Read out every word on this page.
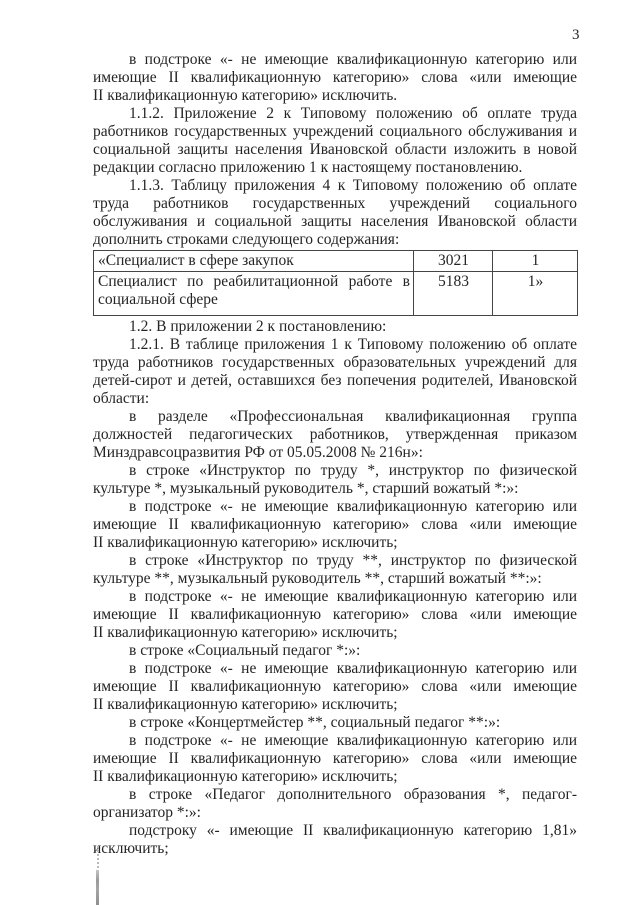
3
в подстроке «- не имеющие квалификационную категорию или
имеющие II квалификационную категорию» слова «или имеющие
II квалификационную категорию» исключить.
1.1.2. Приложение 2 к Типовому положению об оплате труда
работников государственных учреждений социального обслуживания и
социальной защиты населения Ивановской области изложить в новой
редакции согласно приложению 1 к настоящему постановлению.
1.1.3. Таблицу приложения 4 к Типовому положению об оплате
труда работников государственных учреждений социального
обслуживания и социальной защиты населения Ивановской области
дополнить строками следующего содержания:
«Специалист в сфере закупок	3021	1
Специалист по реабилитационной работе в социальной сфере	5183	1»
1.2. В приложении 2 к постановлению:
1.2.1. В таблице приложения 1 к Типовому положению об оплате
труда работников государственных образовательных учреждений для
детей-сирот и детей, оставшихся без попечения родителей, Ивановской
области:
в разделе «Профессиональная квалификационная группа
должностей педагогических работников, утвержденная приказом
Минздравсоцразвития РФ от 05.05.2008 № 216н»:
в строке «Инструктор по труду *, инструктор по физической
культуре *, музыкальный руководитель *, старший вожатый *:»:
в подстроке «- не имеющие квалификационную категорию или
имеющие II квалификационную категорию» слова «или имеющие
II квалификационную категорию» исключить;
в строке «Инструктор по труду **, инструктор по физической
культуре **, музыкальный руководитель **, старший вожатый **:»:
в подстроке «- не имеющие квалификационную категорию или
имеющие II квалификационную категорию» слова «или имеющие
II квалификационную категорию» исключить;
в строке «Социальный педагог *:»:
в подстроке «- не имеющие квалификационную категорию или
имеющие II квалификационную категорию» слова «или имеющие
II квалификационную категорию» исключить;
в строке «Концертмейстер **, социальный педагог **:»:
в подстроке «- не имеющие квалификационную категорию или
имеющие II квалификационную категорию» слова «или имеющие
II квалификационную категорию» исключить;
в строке «Педагог дополнительного образования *, педагог-
организатор *:»:
подстроку «- имеющие II квалификационную категорию 1,81»
исключить;
